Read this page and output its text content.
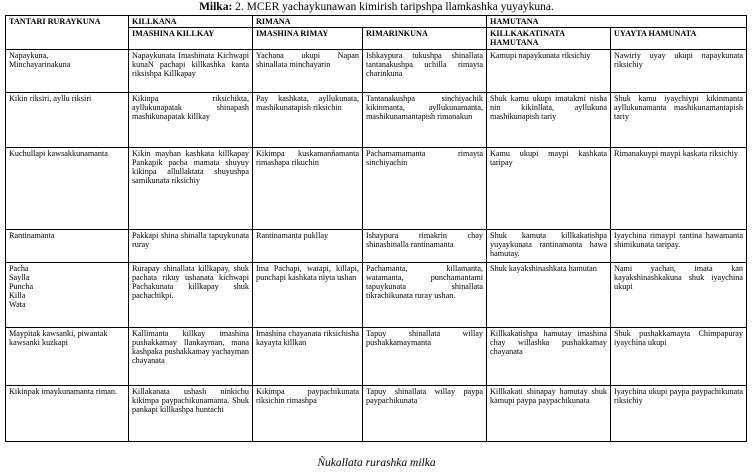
Milka: 2. MCER yachaykunawan kimirish taripshpa llamkashka yuyaykuna.
TANTARI RURAYKUNA	KILLKANA	RIMANA		HAMUTANA	
	IMASHINA KILLKAY	IMASHINA RIMAY	RIMARINKUNA	KILLKAKATINATA HAMUTANA	UYAYTA HAMUNATA

Napaykuna,
Minchayarinakuna	Napaykunata Imashinata Kichwapi kunaN pachapi killkashka kanta riksishpa Killkapay	Yachana ukupi Napan shinallata minchayarin	Ishkaypura tukushpa shinallata tantanakushpa uchilla rimayta charinkuna	Kamupi napaykunata riksichiy	Nawiriy uyay ukupi napaykunata riksichiy
Kikin riksiri, ayllu riksiri	Kikinpa riksichikta, ayllukunapatak shinapash mashikunapatak killkay	Pay kashkata, ayllukunata, mashikunatapish riksichin	Tantanakushpa sinchiyachik kikinmanta, ayllukunamanta, mashikunamantapish rimanakun	Shuk kamu ukupi imatakmi nisha nin kikinllata, ayllukuna mashikunapish tariy	Shuk kamu iyaychiypi kikinmanta ayllukunamanta mashikunamantapish tariy
Kuchullapi kawsakkunamanta	Kikin mayhan kashkata killkapay Pankapik pacha mamata shuyuy kikinpa allullaktata shuyushpa samikunata riksichiy	Kikimpa kuskamanñamanta rimashapa rikuchin	Pachamamamanta rimayta sinchiyachin	Kamu ukupi maypi kashkata taripay	Rimanakuypi maypi kaskata riksichiy
Rantinamanta	Pakkapi shina shinalla tapuykunata ruray	Rantinamanta pukllay	Ishaypura rimakrin chay shinashinalla rantinamanta	Shuk kamuta killkakatishpa yuyaykunata rantinamanta hawa hamutay.	Iyaychina rimaypi rantina hawamanta shimikunata taripay.

Pacha
Saylla
Puncha
Killa
Wata	Rurapay shinallata killkapay, shuk pachata rikuy ushanata kichwapi Pachakunata killkapay shuk pachachikpi.	Ima Pachapi, watapi, killapi, punchapi kashkata niyta ushan	Pachamanta, killamanta, watamanta, punchamantami tapuykunata shinallata tikrachikunata ruray ushan.	Shuk kayakshinashkata hamutan	Nami yachan, imata kan kayakshinashkakuna shuk iyaychina ukupi
Maypitak kawsanki, piwantak kawsanki kuzkapi	Kallimanta killkay imashina pushakkamay llankayman, mana kashpaka pushakkamay yachayman chayanata	Imashina chayanata riksichisha kayayta killkan	Tapuy shinallata willay pushakkamaymanta	Killkakatishpa hamutay imashina chay willashka pushakkamay chayanata	Shuk pushakkamayta Chimpapuray iyaychina ukupi
Kikinpak imaykunamanta riman.	Killakanata ushash ninkichu kikimpa paypachikunamanta. Shuk pankapi killkashpa huntachi	Kikimpa paypachikunata riksichin rimashpa	Tapuy shinallata willay paypa paypachikunata	Killkakati shinapay hamutay shuk kamupi paypa paypachikunata	Iyaychina ukupi paypa paypachikunata riksichiy
Ñukallata rurashka milka
